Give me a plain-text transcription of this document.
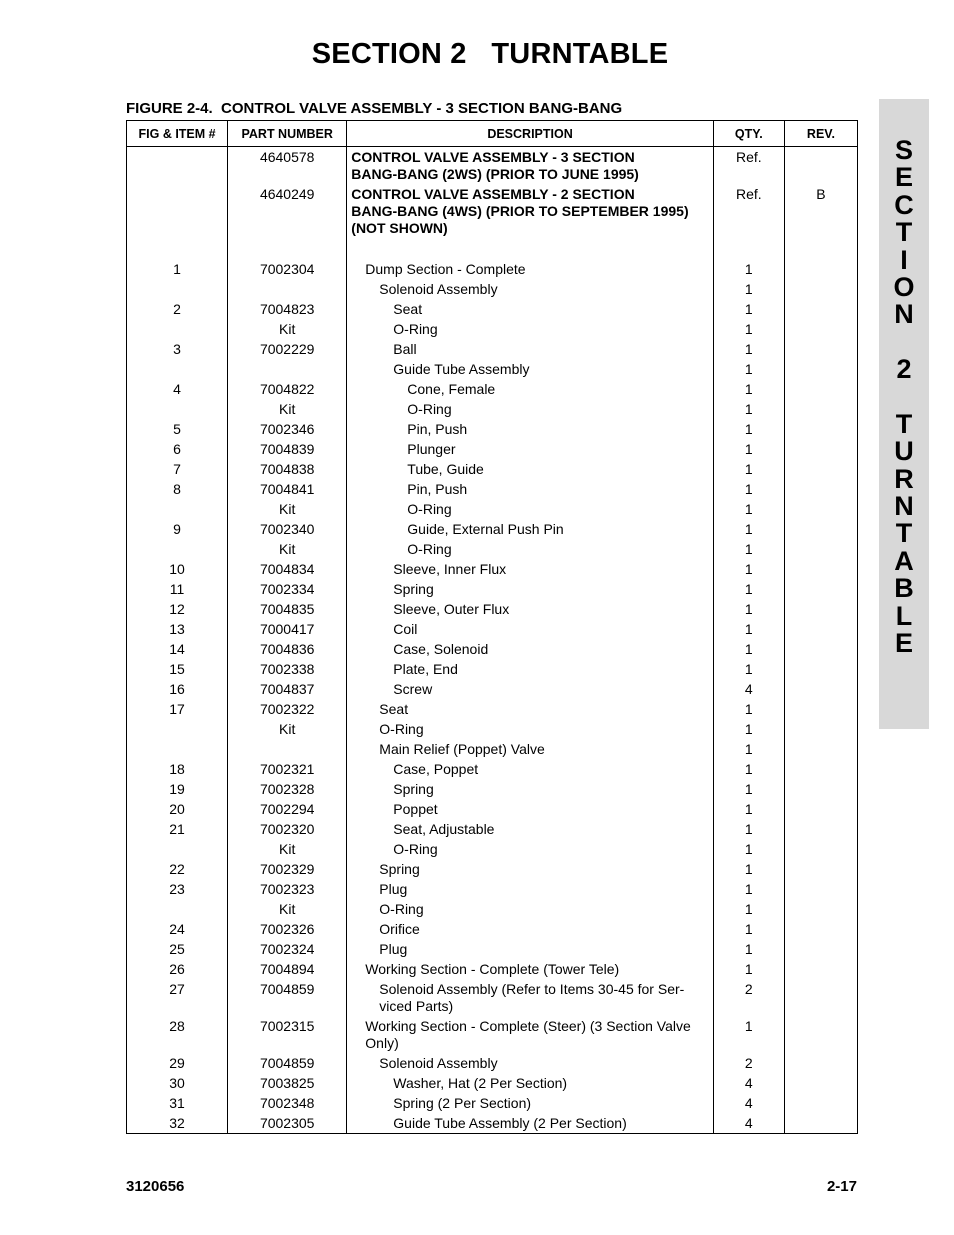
SECTION 2   TURNTABLE
FIGURE 2-4.  CONTROL VALVE ASSEMBLY - 3 SECTION BANG-BANG
S
E
C
T
I
O
N

2

T
U
R
N
T
A
B
L
E
FIG & ITEM #	PART NUMBER	DESCRIPTION	QTY.	REV.
	4640578	CONTROL VALVE ASSEMBLY - 3 SECTION
BANG-BANG (2WS) (PRIOR TO JUNE 1995)	Ref.	
	4640249	CONTROL VALVE ASSEMBLY - 2 SECTION
BANG-BANG (4WS) (PRIOR TO SEPTEMBER 1995)
(NOT SHOWN)	Ref.	B

1	7002304	Dump Section - Complete	1	
		Solenoid Assembly	1	
2	7004823	Seat	1	
	Kit	O-Ring	1	
3	7002229	Ball	1	
		Guide Tube Assembly	1	
4	7004822	Cone, Female	1	
	Kit	O-Ring	1	
5	7002346	Pin, Push	1	
6	7004839	Plunger	1	
7	7004838	Tube, Guide	1	
8	7004841	Pin, Push	1	
	Kit	O-Ring	1	
9	7002340	Guide, External Push Pin	1	
	Kit	O-Ring	1	
10	7004834	Sleeve, Inner Flux	1	
11	7002334	Spring	1	
12	7004835	Sleeve, Outer Flux	1	
13	7000417	Coil	1	
14	7004836	Case, Solenoid	1	
15	7002338	Plate, End	1	
16	7004837	Screw	4	
17	7002322	Seat	1	
	Kit	O-Ring	1	
		Main Relief (Poppet) Valve	1	
18	7002321	Case, Poppet	1	
19	7002328	Spring	1	
20	7002294	Poppet	1	
21	7002320	Seat, Adjustable	1	
	Kit	O-Ring	1	
22	7002329	Spring	1	
23	7002323	Plug	1	
	Kit	O-Ring	1	
24	7002326	Orifice	1	
25	7002324	Plug	1	
26	7004894	Working Section - Complete (Tower Tele)	1	
27	7004859	Solenoid Assembly (Refer to Items 30-45 for Ser-
viced Parts)	2	
28	7002315	Working Section - Complete (Steer) (3 Section Valve
Only)	1	
29	7004859	Solenoid Assembly	2	
30	7003825	Washer, Hat (2 Per Section)	4	
31	7002348	Spring (2 Per Section)	4	
32	7002305	Guide Tube Assembly (2 Per Section)	4	
3120656	2-17
